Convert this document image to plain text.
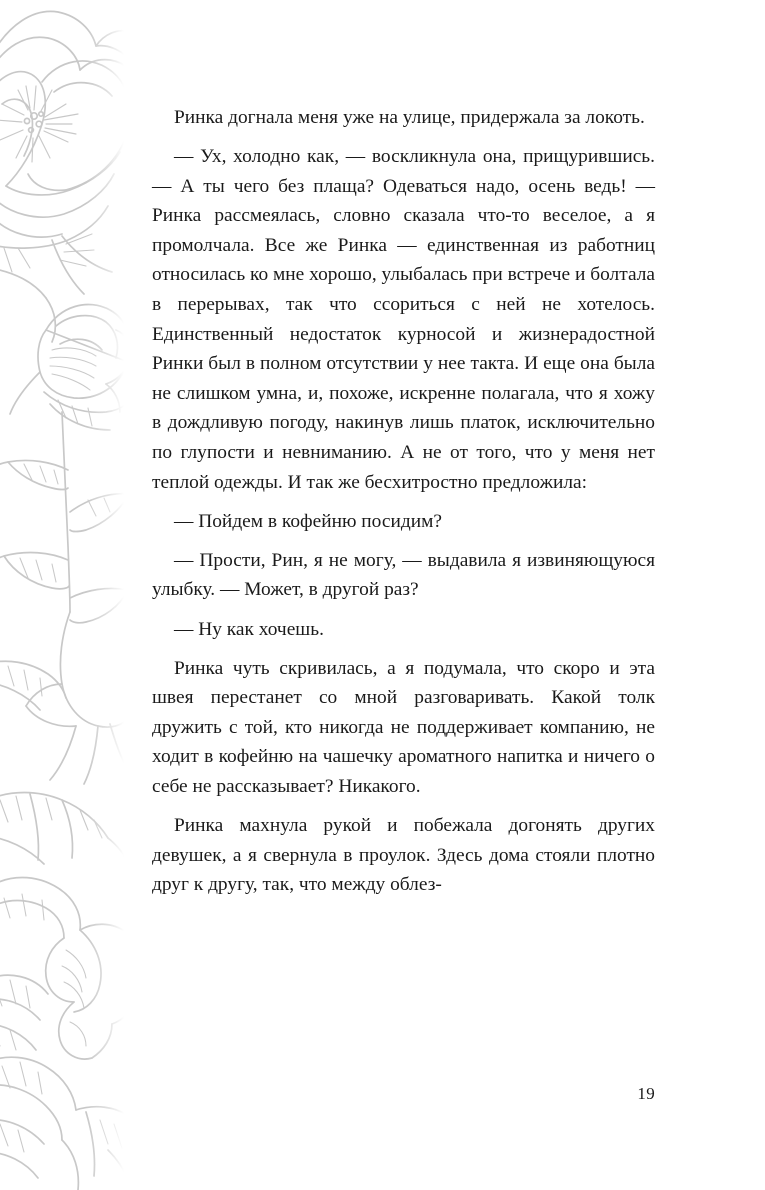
Ринка догнала меня уже на улице, придержала за локоть.

— Ух, холодно как, — воскликнула она, прищурившись. — А ты чего без плаща? Одеваться надо, осень ведь! — Ринка рассмеялась, словно сказала что-то веселое, а я промолчала. Все же Ринка — единственная из работниц относилась ко мне хорошо, улыбалась при встрече и болтала в перерывах, так что ссориться с ней не хотелось. Единственный недостаток курносой и жизнерадостной Ринки был в полном отсутствии у нее такта. И еще она была не слишком умна, и, похоже, искренне полагала, что я хожу в дождливую погоду, накинув лишь платок, исключительно по глупости и невниманию. А не от того, что у меня нет теплой одежды. И так же бесхитростно предложила:

— Пойдем в кофейню посидим?

— Прости, Рин, я не могу, — выдавила я извиняющуюся улыбку. — Может, в другой раз?

— Ну как хочешь.

Ринка чуть скривилась, а я подумала, что скоро и эта швея перестанет со мной разговаривать. Какой толк дружить с той, кто никогда не поддерживает компанию, не ходит в кофейню на чашечку ароматного напитка и ничего о себе не рассказывает? Никакого.

Ринка махнула рукой и побежала догонять других девушек, а я свернула в проулок. Здесь дома стояли плотно друг к другу, так, что между облез-

19
